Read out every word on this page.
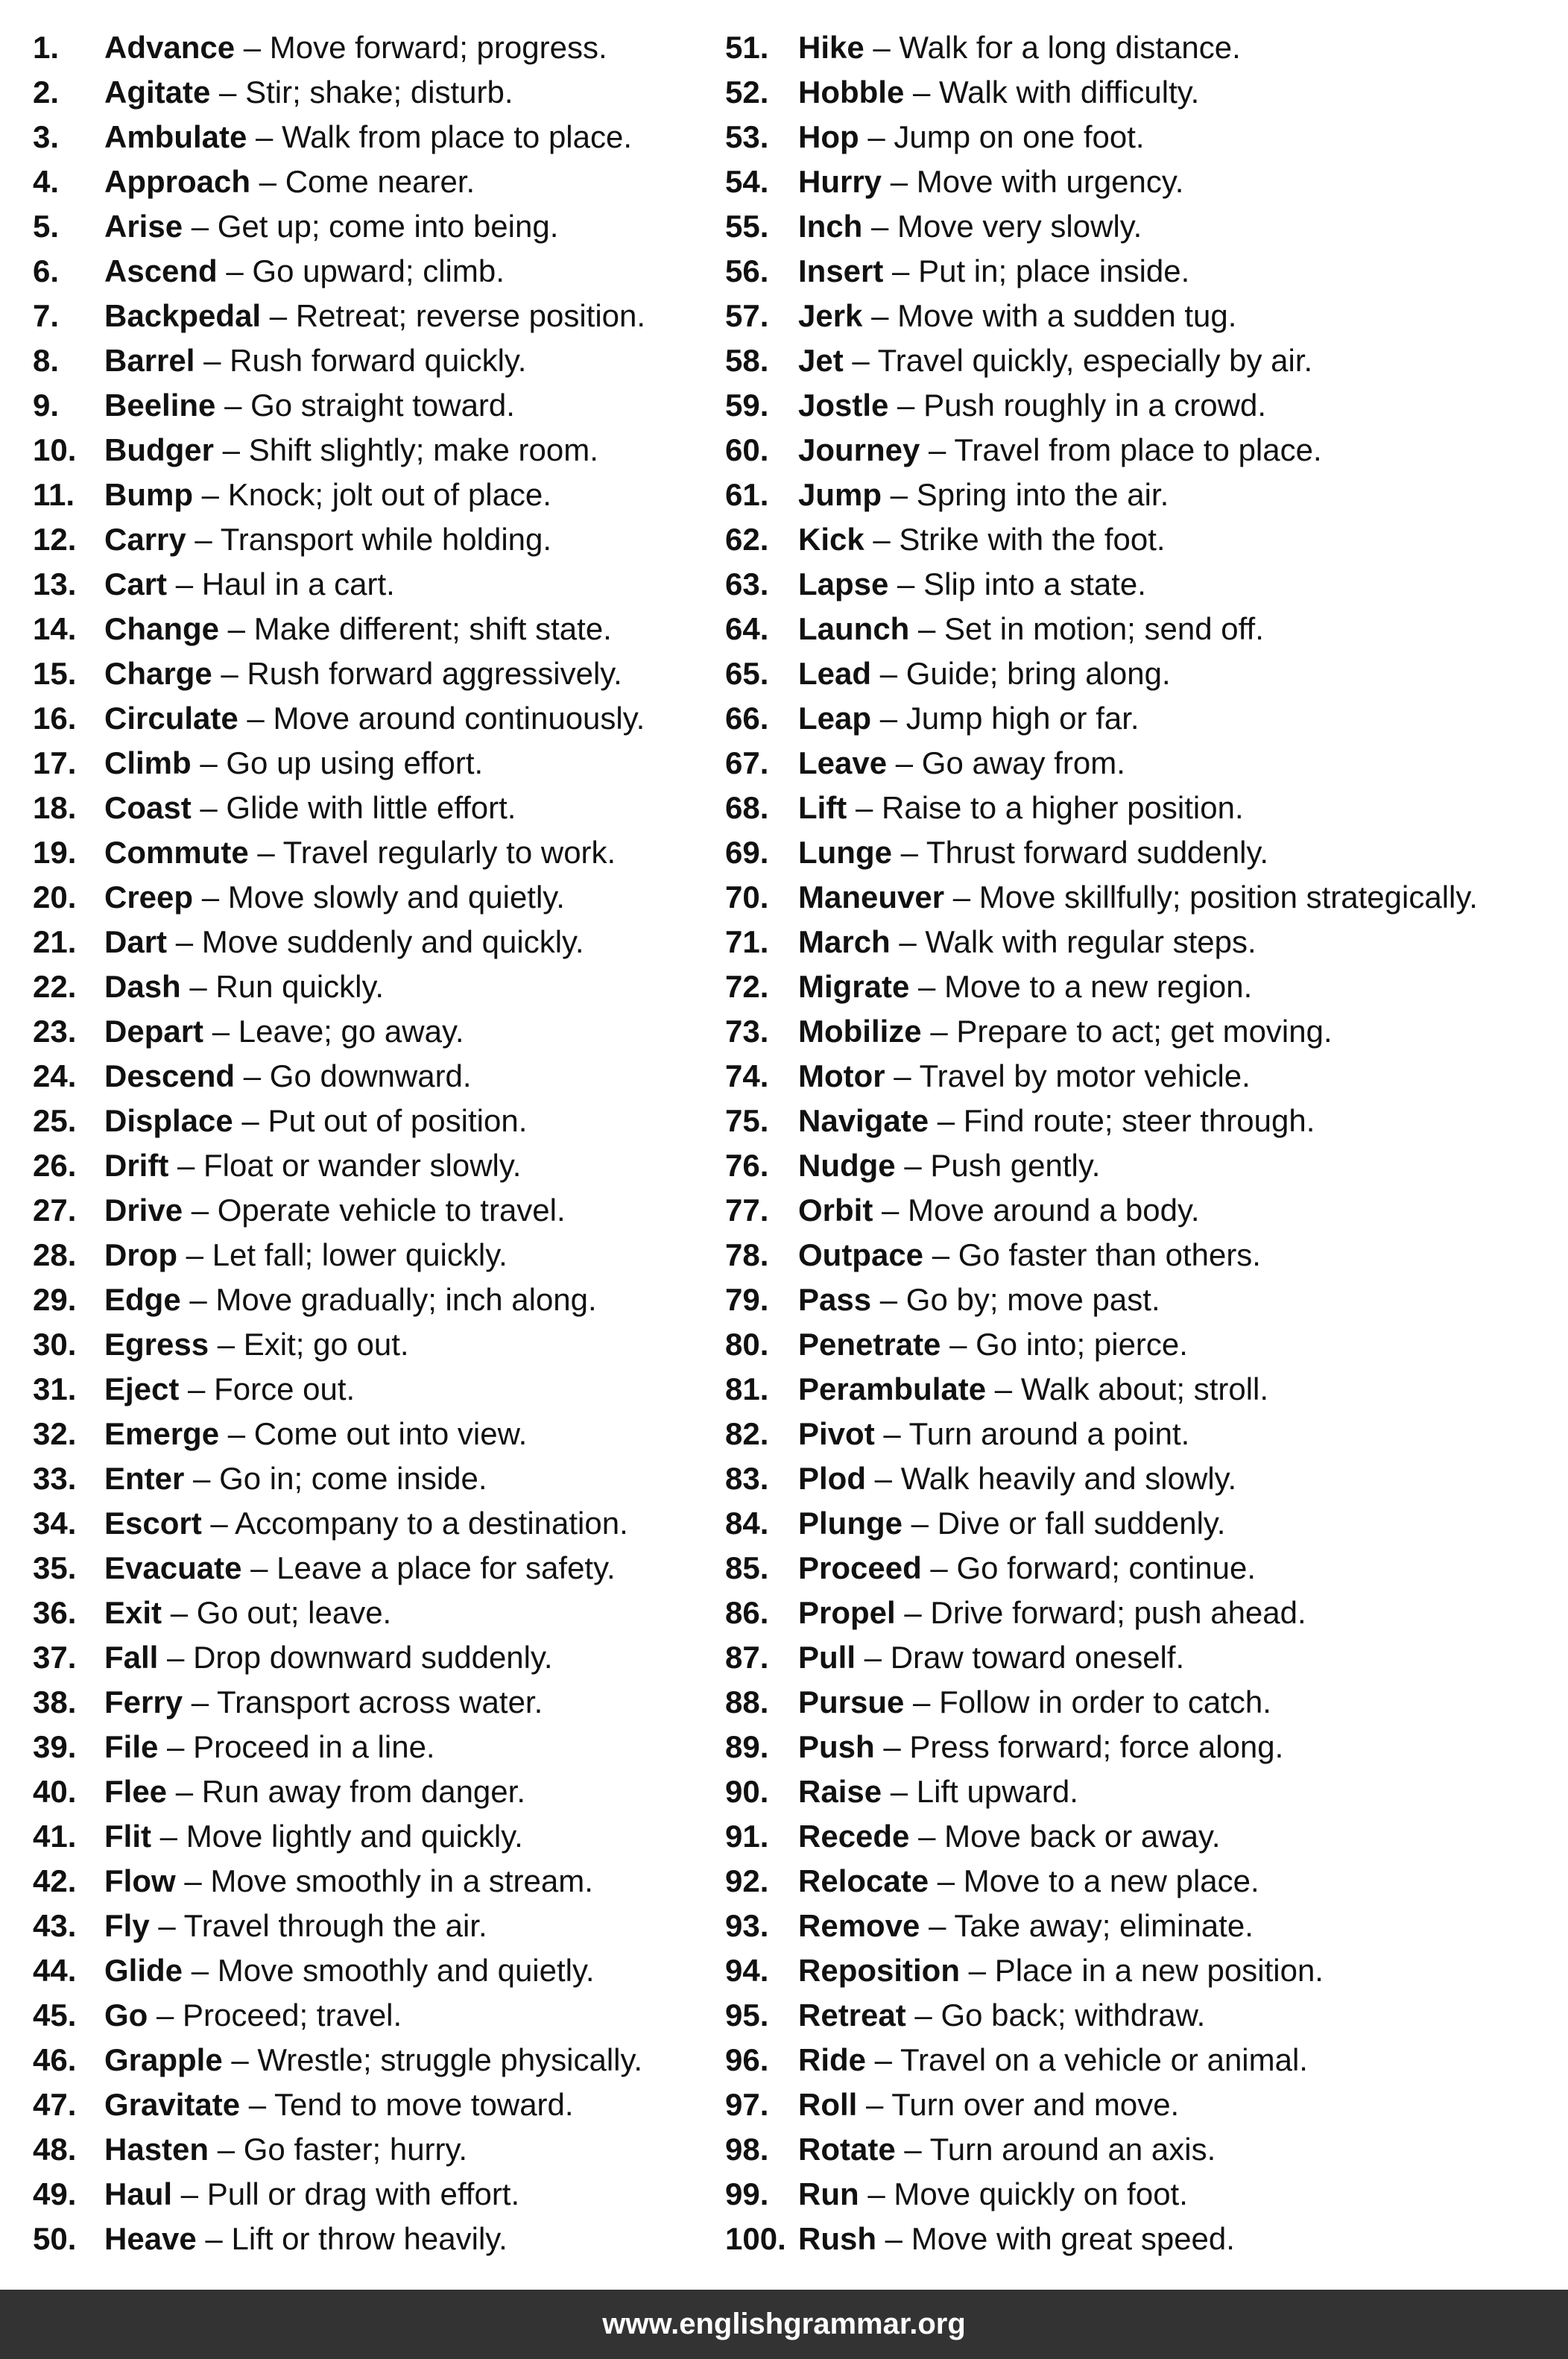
1. Advance – Move forward; progress.
2. Agitate – Stir; shake; disturb.
3. Ambulate – Walk from place to place.
4. Approach – Come nearer.
5. Arise – Get up; come into being.
6. Ascend – Go upward; climb.
7. Backpedal – Retreat; reverse position.
8. Barrel – Rush forward quickly.
9. Beeline – Go straight toward.
10. Budger – Shift slightly; make room.
11. Bump – Knock; jolt out of place.
12. Carry – Transport while holding.
13. Cart – Haul in a cart.
14. Change – Make different; shift state.
15. Charge – Rush forward aggressively.
16. Circulate – Move around continuously.
17. Climb – Go up using effort.
18. Coast – Glide with little effort.
19. Commute – Travel regularly to work.
20. Creep – Move slowly and quietly.
21. Dart – Move suddenly and quickly.
22. Dash – Run quickly.
23. Depart – Leave; go away.
24. Descend – Go downward.
25. Displace – Put out of position.
26. Drift – Float or wander slowly.
27. Drive – Operate vehicle to travel.
28. Drop – Let fall; lower quickly.
29. Edge – Move gradually; inch along.
30. Egress – Exit; go out.
31. Eject – Force out.
32. Emerge – Come out into view.
33. Enter – Go in; come inside.
34. Escort – Accompany to a destination.
35. Evacuate – Leave a place for safety.
36. Exit – Go out; leave.
37. Fall – Drop downward suddenly.
38. Ferry – Transport across water.
39. File – Proceed in a line.
40. Flee – Run away from danger.
41. Flit – Move lightly and quickly.
42. Flow – Move smoothly in a stream.
43. Fly – Travel through the air.
44. Glide – Move smoothly and quietly.
45. Go – Proceed; travel.
46. Grapple – Wrestle; struggle physically.
47. Gravitate – Tend to move toward.
48. Hasten – Go faster; hurry.
49. Haul – Pull or drag with effort.
50. Heave – Lift or throw heavily.
51. Hike – Walk for a long distance.
52. Hobble – Walk with difficulty.
53. Hop – Jump on one foot.
54. Hurry – Move with urgency.
55. Inch – Move very slowly.
56. Insert – Put in; place inside.
57. Jerk – Move with a sudden tug.
58. Jet – Travel quickly, especially by air.
59. Jostle – Push roughly in a crowd.
60. Journey – Travel from place to place.
61. Jump – Spring into the air.
62. Kick – Strike with the foot.
63. Lapse – Slip into a state.
64. Launch – Set in motion; send off.
65. Lead – Guide; bring along.
66. Leap – Jump high or far.
67. Leave – Go away from.
68. Lift – Raise to a higher position.
69. Lunge – Thrust forward suddenly.
70. Maneuver – Move skillfully; position strategically.
71. March – Walk with regular steps.
72. Migrate – Move to a new region.
73. Mobilize – Prepare to act; get moving.
74. Motor – Travel by motor vehicle.
75. Navigate – Find route; steer through.
76. Nudge – Push gently.
77. Orbit – Move around a body.
78. Outpace – Go faster than others.
79. Pass – Go by; move past.
80. Penetrate – Go into; pierce.
81. Perambulate – Walk about; stroll.
82. Pivot – Turn around a point.
83. Plod – Walk heavily and slowly.
84. Plunge – Dive or fall suddenly.
85. Proceed – Go forward; continue.
86. Propel – Drive forward; push ahead.
87. Pull – Draw toward oneself.
88. Pursue – Follow in order to catch.
89. Push – Press forward; force along.
90. Raise – Lift upward.
91. Recede – Move back or away.
92. Relocate – Move to a new place.
93. Remove – Take away; eliminate.
94. Reposition – Place in a new position.
95. Retreat – Go back; withdraw.
96. Ride – Travel on a vehicle or animal.
97. Roll – Turn over and move.
98. Rotate – Turn around an axis.
99. Run – Move quickly on foot.
100. Rush – Move with great speed.
www.englishgrammar.org
